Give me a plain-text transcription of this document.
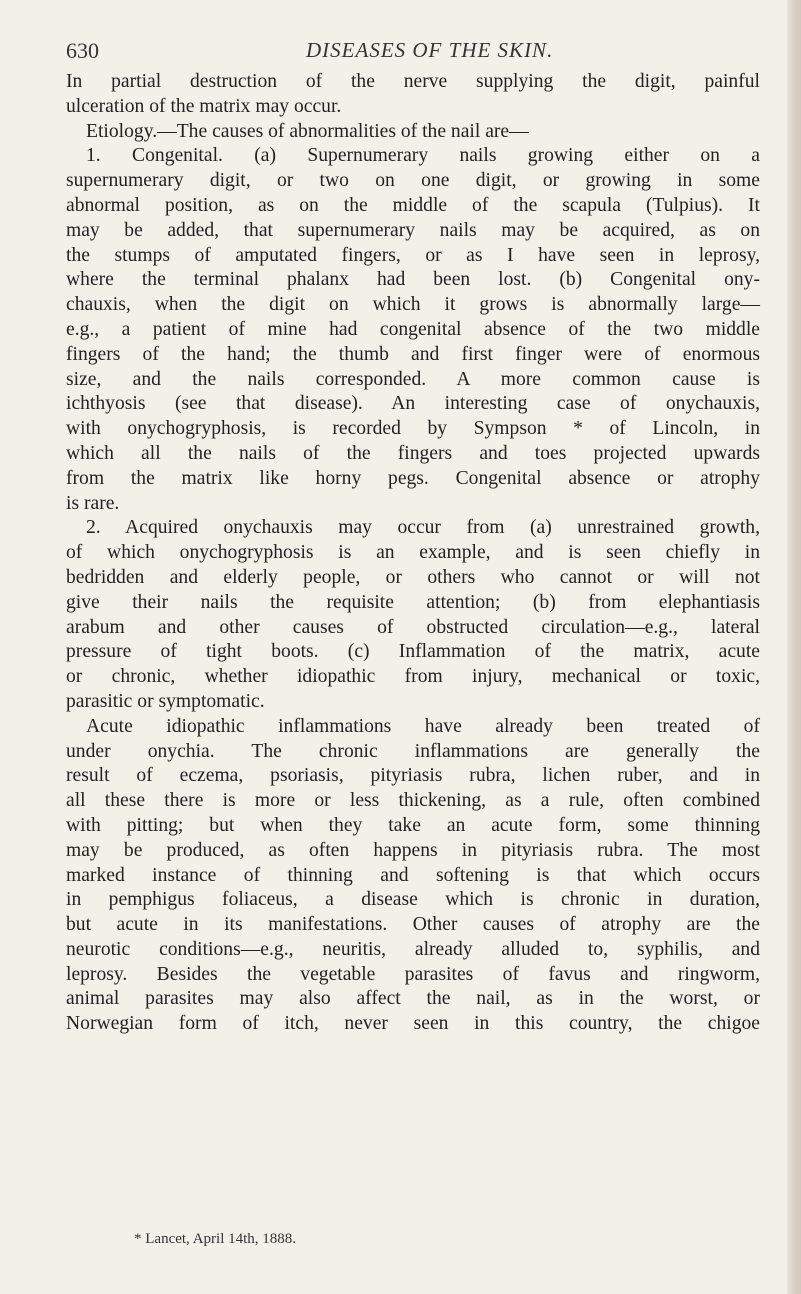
630	DISEASES OF THE SKIN.
In partial destruction of the nerve supplying the digit, painful
ulceration of the matrix may occur.
Etiology.—The causes of abnormalities of the nail are—
1. Congenital. (a) Supernumerary nails growing either on a
supernumerary digit, or two on one digit, or growing in some
abnormal position, as on the middle of the scapula (Tulpius). It
may be added, that supernumerary nails may be acquired, as on
the stumps of amputated fingers, or as I have seen in leprosy,
where the terminal phalanx had been lost. (b) Congenital ony-
chauxis, when the digit on which it grows is abnormally large—
e.g., a patient of mine had congenital absence of the two middle
fingers of the hand; the thumb and first finger were of enormous
size, and the nails corresponded. A more common cause is
ichthyosis (see that disease). An interesting case of onychauxis,
with onychogryphosis, is recorded by Sympson * of Lincoln, in
which all the nails of the fingers and toes projected upwards
from the matrix like horny pegs. Congenital absence or atrophy
is rare.
2. Acquired onychauxis may occur from (a) unrestrained growth,
of which onychogryphosis is an example, and is seen chiefly in
bedridden and elderly people, or others who cannot or will not
give their nails the requisite attention; (b) from elephantiasis
arabum and other causes of obstructed circulation—e.g., lateral
pressure of tight boots. (c) Inflammation of the matrix, acute
or chronic, whether idiopathic from injury, mechanical or toxic,
parasitic or symptomatic.
Acute idiopathic inflammations have already been treated of
under onychia. The chronic inflammations are generally the
result of eczema, psoriasis, pityriasis rubra, lichen ruber, and in
all these there is more or less thickening, as a rule, often combined
with pitting; but when they take an acute form, some thinning
may be produced, as often happens in pityriasis rubra. The most
marked instance of thinning and softening is that which occurs
in pemphigus foliaceus, a disease which is chronic in duration,
but acute in its manifestations. Other causes of atrophy are the
neurotic conditions—e.g., neuritis, already alluded to, syphilis, and
leprosy. Besides the vegetable parasites of favus and ringworm,
animal parasites may also affect the nail, as in the worst, or
Norwegian form of itch, never seen in this country, the chigoe
* Lancet, April 14th, 1888.
